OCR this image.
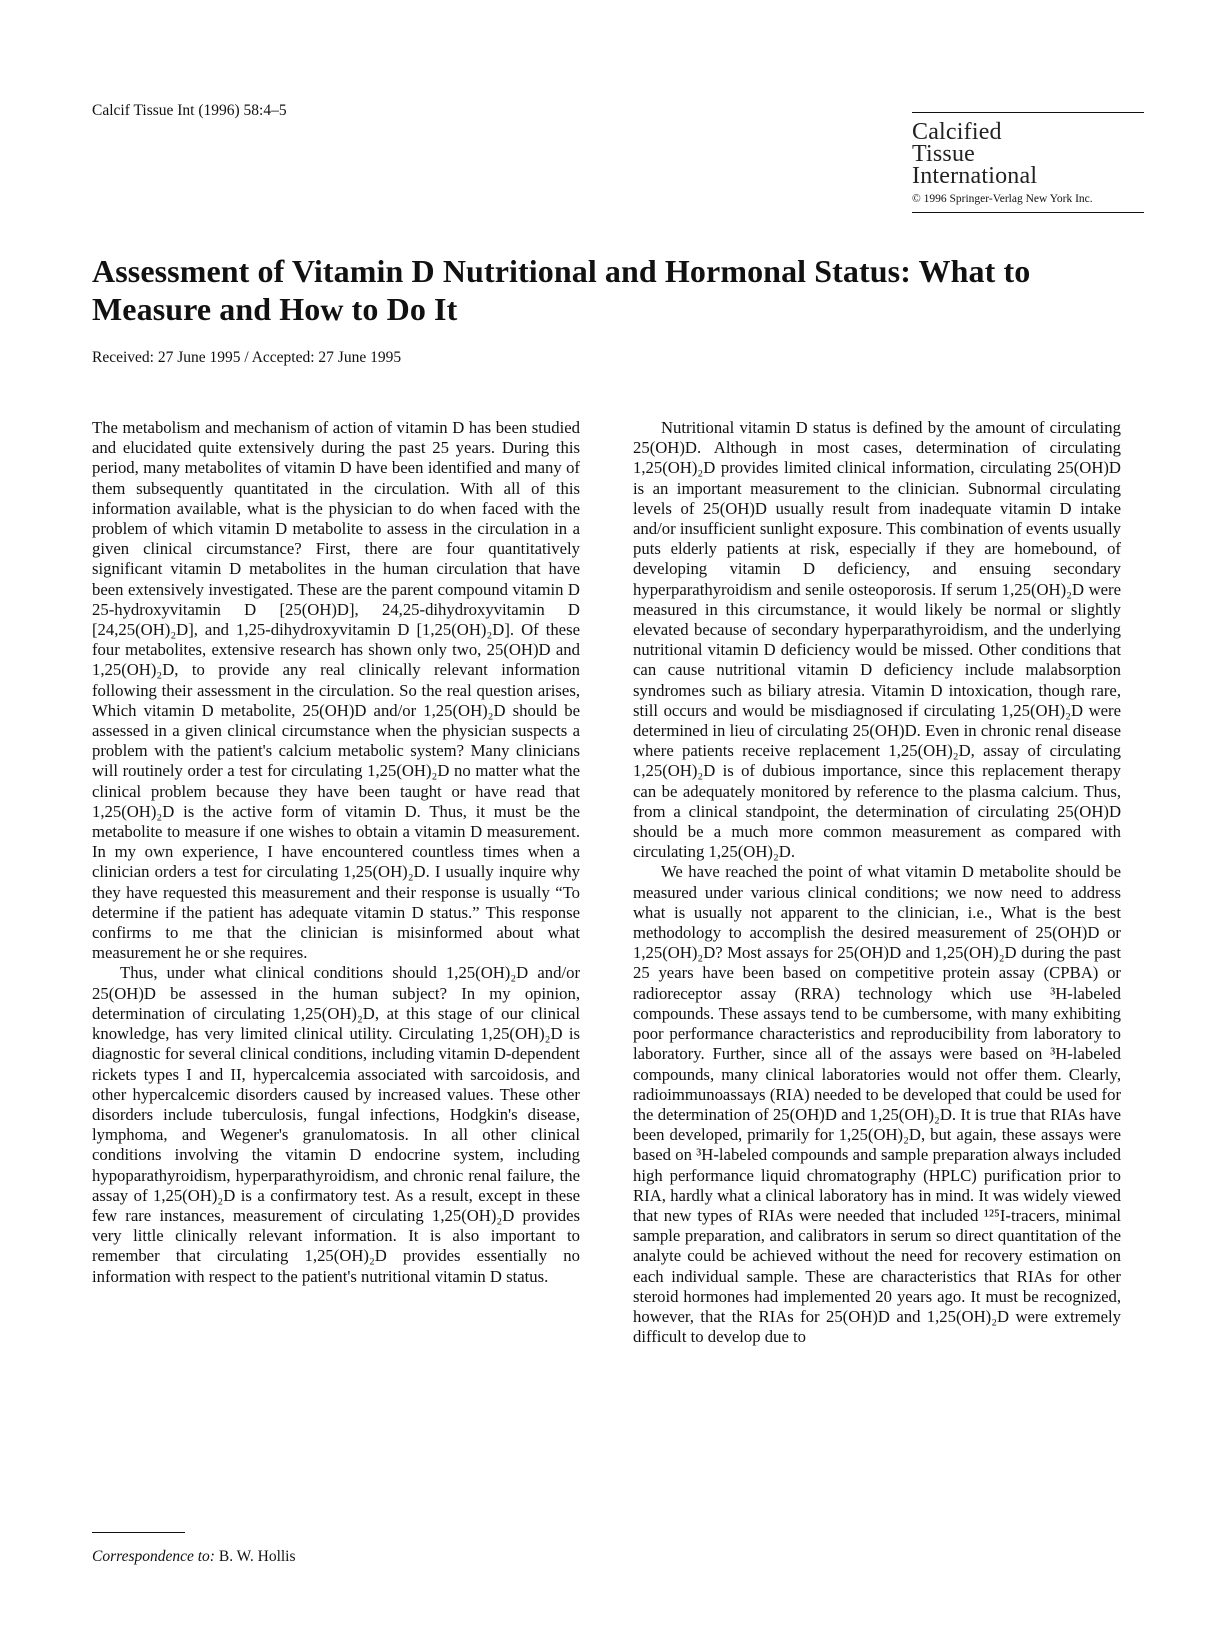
Calcif Tissue Int (1996) 58:4–5
Calcified
Tissue
International
© 1996 Springer-Verlag New York Inc.
Assessment of Vitamin D Nutritional and Hormonal Status: What to Measure and How to Do It
Received: 27 June 1995 / Accepted: 27 June 1995

The metabolism and mechanism of action of vitamin D has been studied and elucidated quite extensively during the past 25 years. During this period, many metabolites of vitamin D have been identified and many of them subsequently quantitated in the circulation. With all of this information available, what is the physician to do when faced with the problem of which vitamin D metabolite to assess in the circulation in a given clinical circumstance? First, there are four quantitatively significant vitamin D metabolites in the human circulation that have been extensively investigated. These are the parent compound vitamin D 25-hydroxyvitamin D [25(OH)D], 24,25-dihydroxyvitamin D [24,25(OH)₂D], and 1,25-dihydroxyvitamin D [1,25(OH)₂D]. Of these four metabolites, extensive research has shown only two, 25(OH)D and 1,25(OH)₂D, to provide any real clinically relevant information following their assessment in the circulation. So the real question arises, Which vitamin D metabolite, 25(OH)D and/or 1,25(OH)₂D should be assessed in a given clinical circumstance when the physician suspects a problem with the patient's calcium metabolic system? Many clinicians will routinely order a test for circulating 1,25(OH)₂D no matter what the clinical problem because they have been taught or have read that 1,25(OH)₂D is the active form of vitamin D. Thus, it must be the metabolite to measure if one wishes to obtain a vitamin D measurement. In my own experience, I have encountered countless times when a clinician orders a test for circulating 1,25(OH)₂D. I usually inquire why they have requested this measurement and their response is usually “To determine if the patient has adequate vitamin D status.” This response confirms to me that the clinician is misinformed about what measurement he or she requires.

Thus, under what clinical conditions should 1,25(OH)₂D and/or 25(OH)D be assessed in the human subject? In my opinion, determination of circulating 1,25(OH)₂D, at this stage of our clinical knowledge, has very limited clinical utility. Circulating 1,25(OH)₂D is diagnostic for several clinical conditions, including vitamin D-dependent rickets types I and II, hypercalcemia associated with sarcoidosis, and other hypercalcemic disorders caused by increased values. These other disorders include tuberculosis, fungal infections, Hodgkin's disease, lymphoma, and Wegener's granulomatosis. In all other clinical conditions involving the vitamin D endocrine system, including hypoparathyroidism, hyperparathyroidism, and chronic renal failure, the assay of 1,25(OH)₂D is a confirmatory test. As a result, except in these few rare instances, measurement of circulating 1,25(OH)₂D provides very little clinically relevant information. It is also important to remember that circulating 1,25(OH)₂D provides essentially no information with respect to the patient's nutritional vitamin D status.

Nutritional vitamin D status is defined by the amount of circulating 25(OH)D. Although in most cases, determination of circulating 1,25(OH)₂D provides limited clinical information, circulating 25(OH)D is an important measurement to the clinician. Subnormal circulating levels of 25(OH)D usually result from inadequate vitamin D intake and/or insufficient sunlight exposure. This combination of events usually puts elderly patients at risk, especially if they are homebound, of developing vitamin D deficiency, and ensuing secondary hyperparathyroidism and senile osteoporosis. If serum 1,25(OH)₂D were measured in this circumstance, it would likely be normal or slightly elevated because of secondary hyperparathyroidism, and the underlying nutritional vitamin D deficiency would be missed. Other conditions that can cause nutritional vitamin D deficiency include malabsorption syndromes such as biliary atresia. Vitamin D intoxication, though rare, still occurs and would be misdiagnosed if circulating 1,25(OH)₂D were determined in lieu of circulating 25(OH)D. Even in chronic renal disease where patients receive replacement 1,25(OH)₂D, assay of circulating 1,25(OH)₂D is of dubious importance, since this replacement therapy can be adequately monitored by reference to the plasma calcium. Thus, from a clinical standpoint, the determination of circulating 25(OH)D should be a much more common measurement as compared with circulating 1,25(OH)₂D.

We have reached the point of what vitamin D metabolite should be measured under various clinical conditions; we now need to address what is usually not apparent to the clinician, i.e., What is the best methodology to accomplish the desired measurement of 25(OH)D or 1,25(OH)₂D? Most assays for 25(OH)D and 1,25(OH)₂D during the past 25 years have been based on competitive protein assay (CPBA) or radioreceptor assay (RRA) technology which use ³H-labeled compounds. These assays tend to be cumbersome, with many exhibiting poor performance characteristics and reproducibility from laboratory to laboratory. Further, since all of the assays were based on ³H-labeled compounds, many clinical laboratories would not offer them. Clearly, radioimmunoassays (RIA) needed to be developed that could be used for the determination of 25(OH)D and 1,25(OH)₂D. It is true that RIAs have been developed, primarily for 1,25(OH)₂D, but again, these assays were based on ³H-labeled compounds and sample preparation always included high performance liquid chromatography (HPLC) purification prior to RIA, hardly what a clinical laboratory has in mind. It was widely viewed that new types of RIAs were needed that included ¹²⁵I-tracers, minimal sample preparation, and calibrators in serum so direct quantitation of the analyte could be achieved without the need for recovery estimation on each individual sample. These are characteristics that RIAs for other steroid hormones had implemented 20 years ago. It must be recognized, however, that the RIAs for 25(OH)D and 1,25(OH)₂D were extremely difficult to develop due to

Correspondence to: B. W. Hollis
